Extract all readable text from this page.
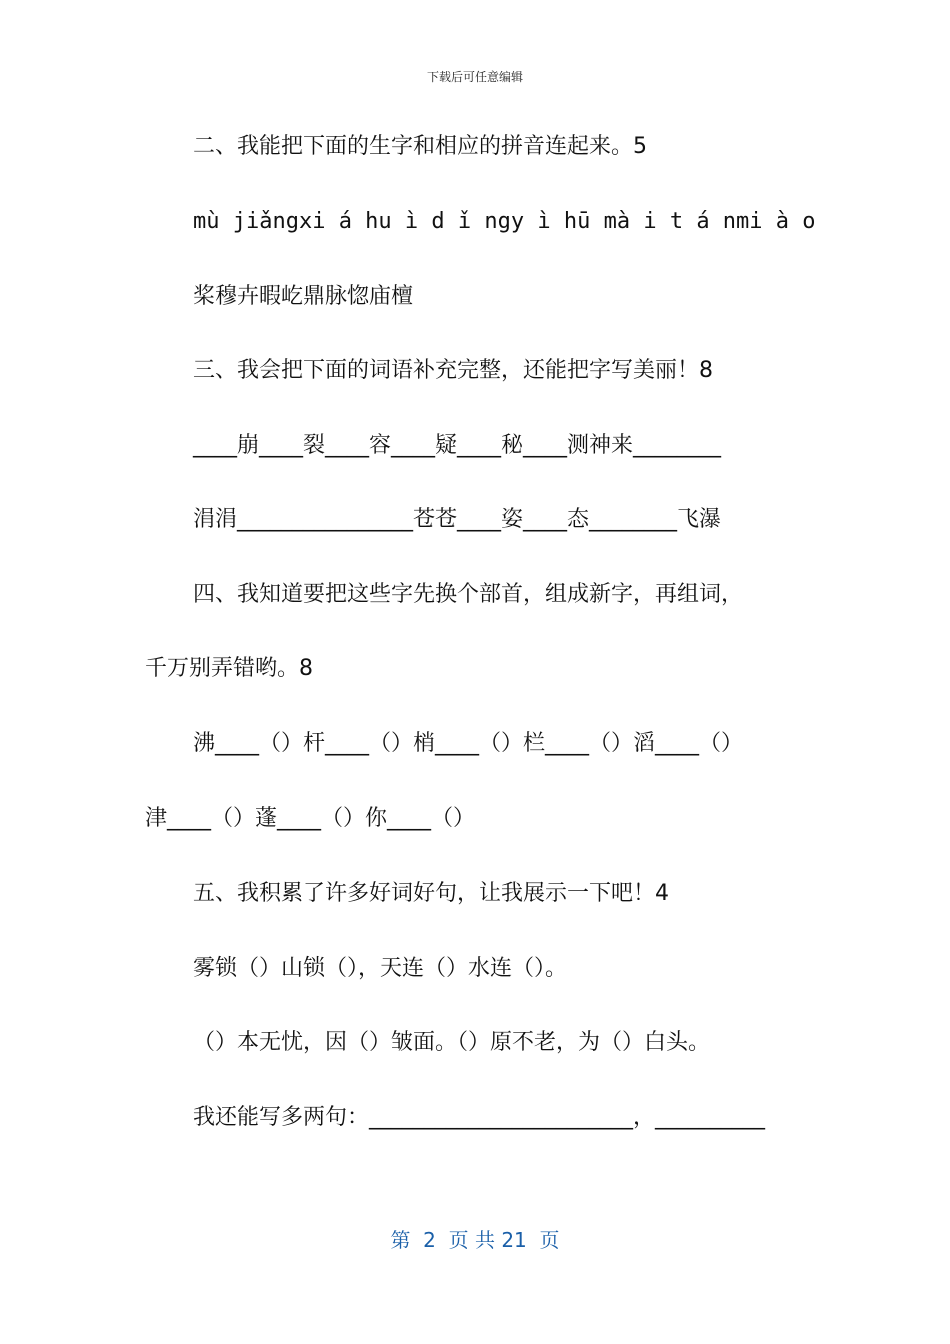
下载后可任意编辑
二、我能把下面的生字和相应的拼音连起来。5
mù jiǎngxi á hu ì d ǐ ngy ì hū mà i t á nmi à o
桨穆卉暇屹鼎脉惚庙檀
三、我会把下面的词语补充完整，还能把字写美丽！8
____崩____裂____容____疑____秘____测神来________
涓涓________________苍苍____姿____态________飞瀑
四、我知道要把这些字先换个部首，组成新字，再组词，
千万别弄错哟。8
沸____（）杆____（）梢____（）栏____（）滔____（）
津____（）蓬____（）你____（）
五、我积累了许多好词好句，让我展示一下吧！4
雾锁（）山锁（），天连（）水连（）。
（）本无忧，因（）皱面。（）原不老，为（）白头。
我还能写多两句：________________________，__________
第  2  页 共 21  页
